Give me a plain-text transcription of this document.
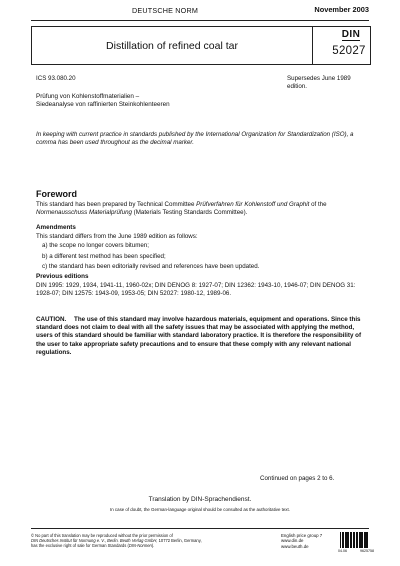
DEUTSCHE NORM	November 2003
Distillation of refined coal tar
DIN
52027
ICS 93.080.20	Supersedes June 1989 edition.
Prüfung von Kohlenstoffmaterialien –
Siedeanalyse von raffinierten Steinkohlenteeren
In keeping with current practice in standards published by the International Organization for Standardization (ISO), a comma has been used throughout as the decimal marker.
Foreword
This standard has been prepared by Technical Committee Prüfverfahren für Kohlenstoff und Graphit of the Normenausschuss Materialprüfung (Materials Testing Standards Committee).
Amendments
This standard differs from the June 1989 edition as follows:
a) the scope no longer covers bitumen;
b) a different test method has been specified;
c) the standard has been editorially revised and references have been updated.
Previous editions
DIN 1995: 1929, 1934, 1941-11, 1960-02x; DIN DENOG 8: 1927-07; DIN 12362: 1943-10, 1946-07; DIN DENOG 31: 1928-07; DIN 12575: 1943-09, 1953-05; DIN 52027: 1980-12, 1989-06.
CAUTION. The use of this standard may involve hazardous materials, equipment and operations. Since this standard does not claim to deal with all the safety issues that may be associated with applying the method, users of this standard should be familiar with standard laboratory practice. It is therefore the responsibility of the user to take appropriate safety precautions and to ensure that these comply with any relevant national regulations.
Continued on pages 2 to 6.
Translation by DIN-Sprachendienst.
In case of doubt, the German-language original should be consulted as the authoritative text.
© No part of this translation may be reproduced without the prior permission of
DIN Deutsches Institut für Normung e. V., Berlin. Beuth Verlag GmbH, 10772 Berlin, Germany,
has the exclusive right of sale for German Standards (DIN-Normen).
English price group 7
www.din.de
www.beuth.de
04.06	9625758
